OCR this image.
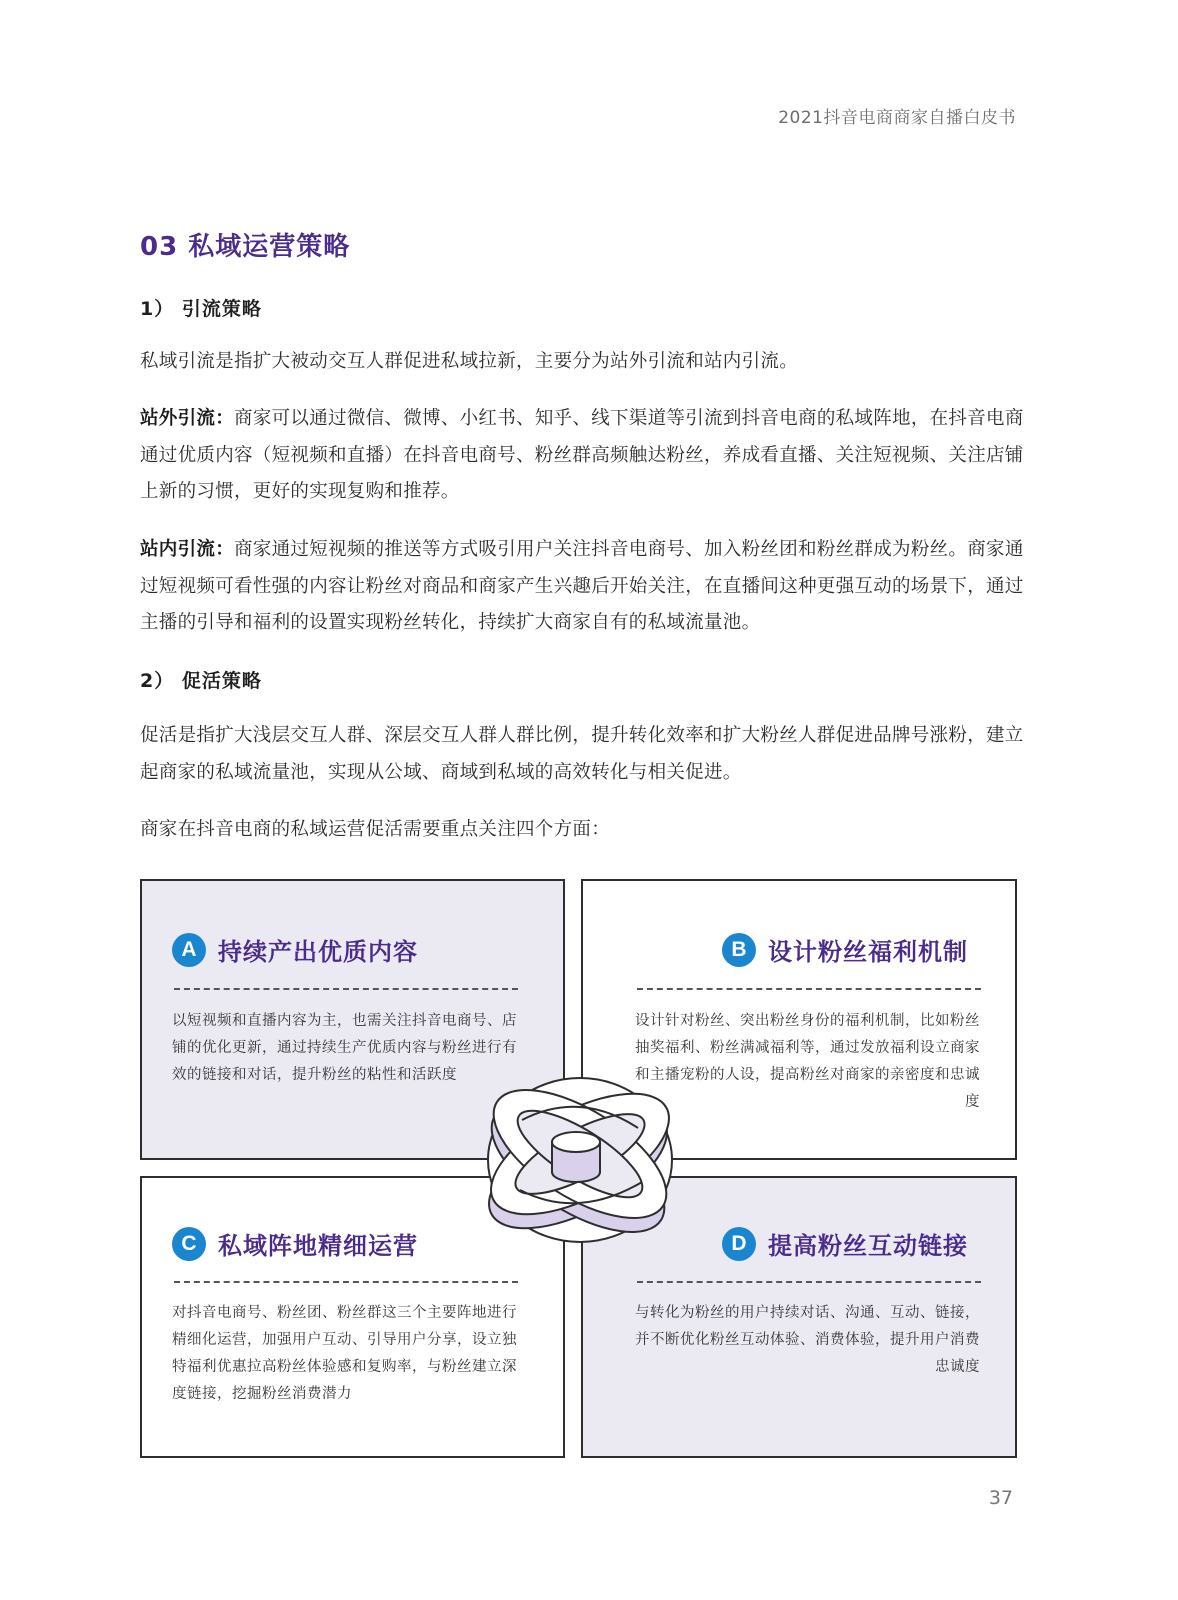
2021抖音电商商家自播白皮书
03 私域运营策略
1） 引流策略

私域引流是指扩大被动交互人群促进私域拉新，主要分为站外引流和站内引流。

站外引流：商家可以通过微信、微博、小红书、知乎、线下渠道等引流到抖音电商的私域阵地，在抖音电商通过优质内容（短视频和直播）在抖音电商号、粉丝群高频触达粉丝，养成看直播、关注短视频、关注店铺上新的习惯，更好的实现复购和推荐。

站内引流：商家通过短视频的推送等方式吸引用户关注抖音电商号、加入粉丝团和粉丝群成为粉丝。商家通过短视频可看性强的内容让粉丝对商品和商家产生兴趣后开始关注，在直播间这种更强互动的场景下，通过主播的引导和福利的设置实现粉丝转化，持续扩大商家自有的私域流量池。

2） 促活策略

促活是指扩大浅层交互人群、深层交互人群人群比例，提升转化效率和扩大粉丝人群促进品牌号涨粉，建立起商家的私域流量池，实现从公域、商域到私域的高效转化与相关促进。

商家在抖音电商的私域运营促活需要重点关注四个方面：

A 持续产出优质内容

以短视频和直播内容为主，也需关注抖音电商号、店铺的优化更新，通过持续生产优质内容与粉丝进行有效的链接和对话，提升粉丝的粘性和活跃度

B 设计粉丝福利机制

设计针对粉丝、突出粉丝身份的福利机制，比如粉丝抽奖福利、粉丝满减福利等，通过发放福利设立商家和主播宠粉的人设，提高粉丝对商家的亲密度和忠诚度

C 私域阵地精细运营

对抖音电商号、粉丝团、粉丝群这三个主要阵地进行精细化运营，加强用户互动、引导用户分享，设立独特福利优惠拉高粉丝体验感和复购率，与粉丝建立深度链接，挖掘粉丝消费潜力

D 提高粉丝互动链接

与转化为粉丝的用户持续对话、沟通、互动、链接，并不断优化粉丝互动体验、消费体验，提升用户消费忠诚度

37
